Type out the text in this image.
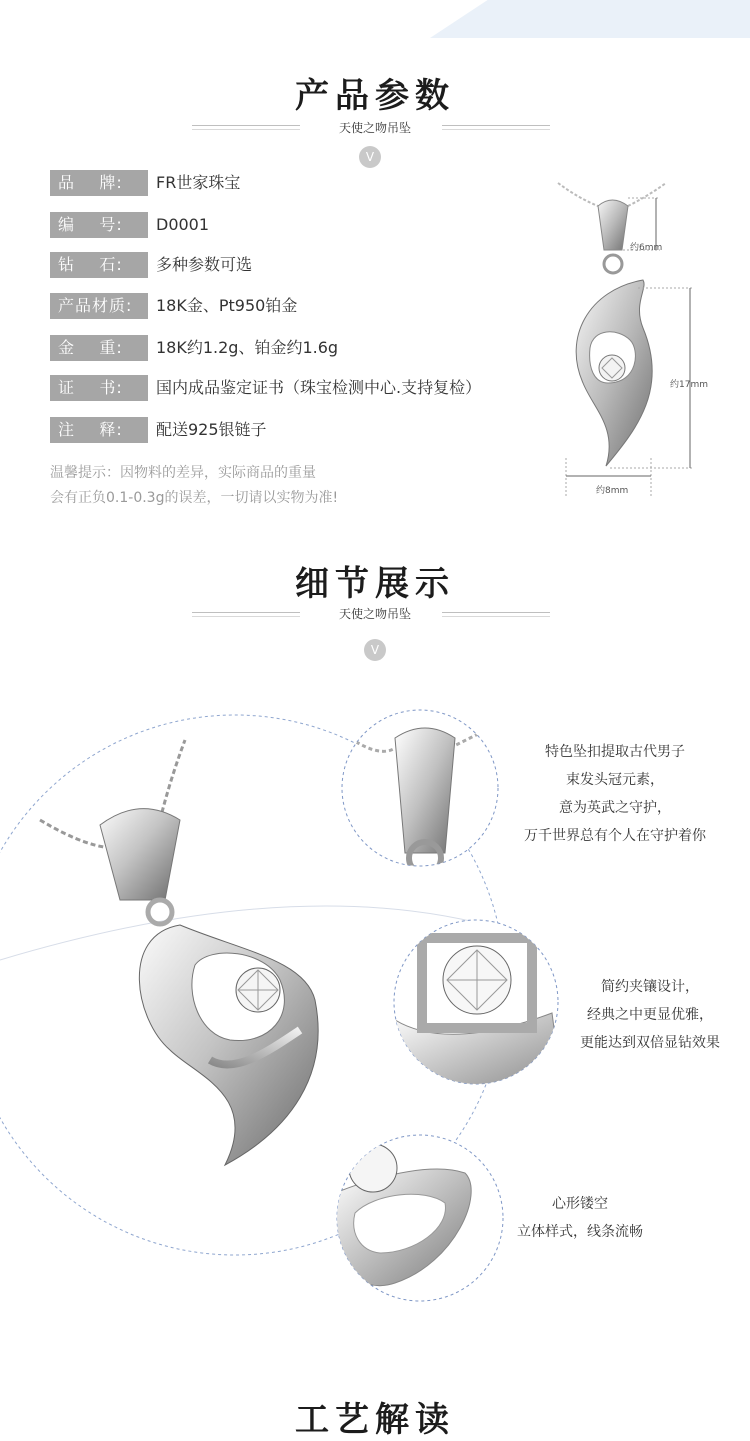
产品参数
天使之吻吊坠
V
品    牌:	FR世家珠宝
编    号:	D0001
钻    石:	多种参数可选
产品材质:	18K金、Pt950铂金
金    重:	18K约1.2g、铂金约1.6g
证    书:	国内成品鉴定证书（珠宝检测中心.支持复检）
注    释:	配送925银链子
温馨提示：因物料的差异，实际商品的重量
会有正负0.1-0.3g的误差，一切请以实物为准!
约6mm
约17mm
约8mm
细节展示
天使之吻吊坠
V
特色坠扣提取古代男子
束发头冠元素，
意为英武之守护，
万千世界总有个人在守护着你
简约夹镶设计，
经典之中更显优雅，
更能达到双倍显钻效果
心形镂空
立体样式，线条流畅
工艺解读
